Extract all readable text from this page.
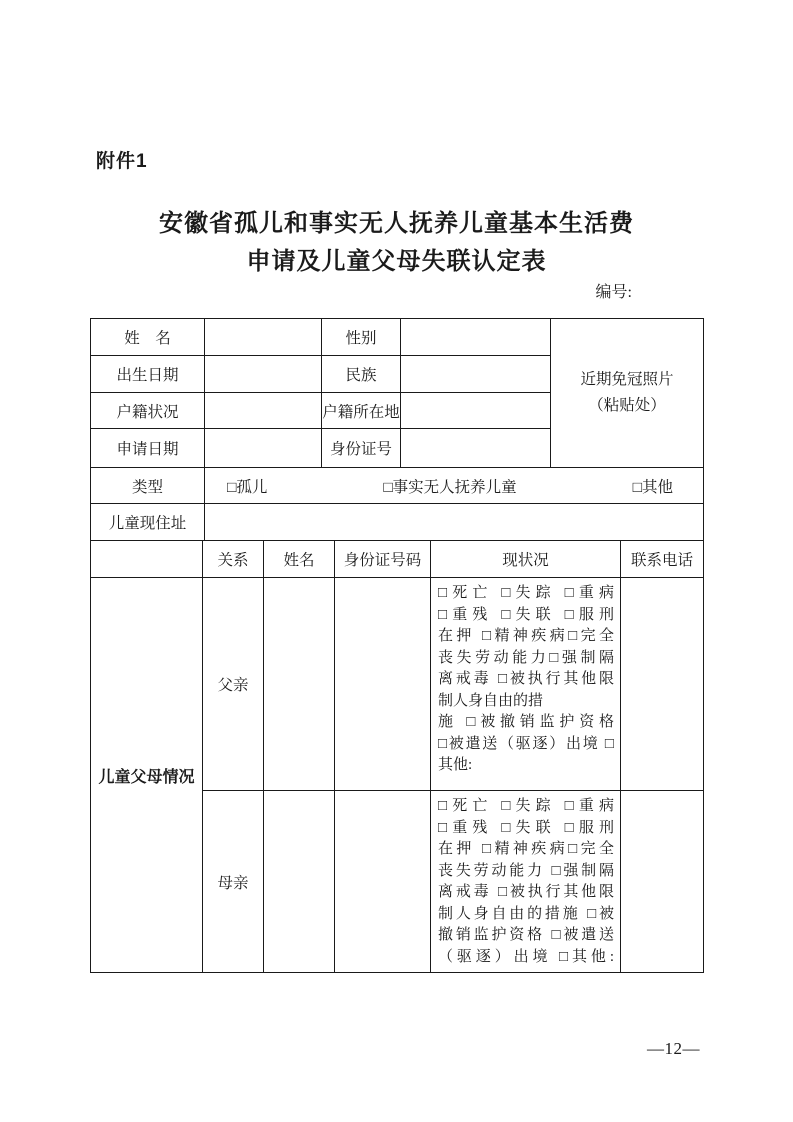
附件1
安徽省孤儿和事实无人抚养儿童基本生活费
申请及儿童父母失联认定表
编号:
姓　名		性别		近期免冠照片
（粘贴处）

出生日期		民族		
户籍状况		户籍所在地		
申请日期		身份证号		
类型	□孤儿 □事实无人抚养儿童 □其他			

儿童现住址				
	关系	姓名	身份证号码	现状况	联系电话
儿童父母情况	父亲			
□死亡 □失踪 □重病
□重残 □失联 □服刑
在押 □精神疾病□完全
丧失劳动能力□强制隔
离戒毒 □被执行其他限
制人身自由的措
施 □被撤销监护资格
□被遣送（驱逐）出境 □
其他:

母亲			
□死亡 □失踪 □重病
□重残 □失联 □服刑
在押 □精神疾病□完全
丧失劳动能力 □强制隔
离戒毒 □被执行其他限
制人身自由的措施 □被
撤销监护资格 □被遣送
（驱逐）出境 □其他:

—12—
